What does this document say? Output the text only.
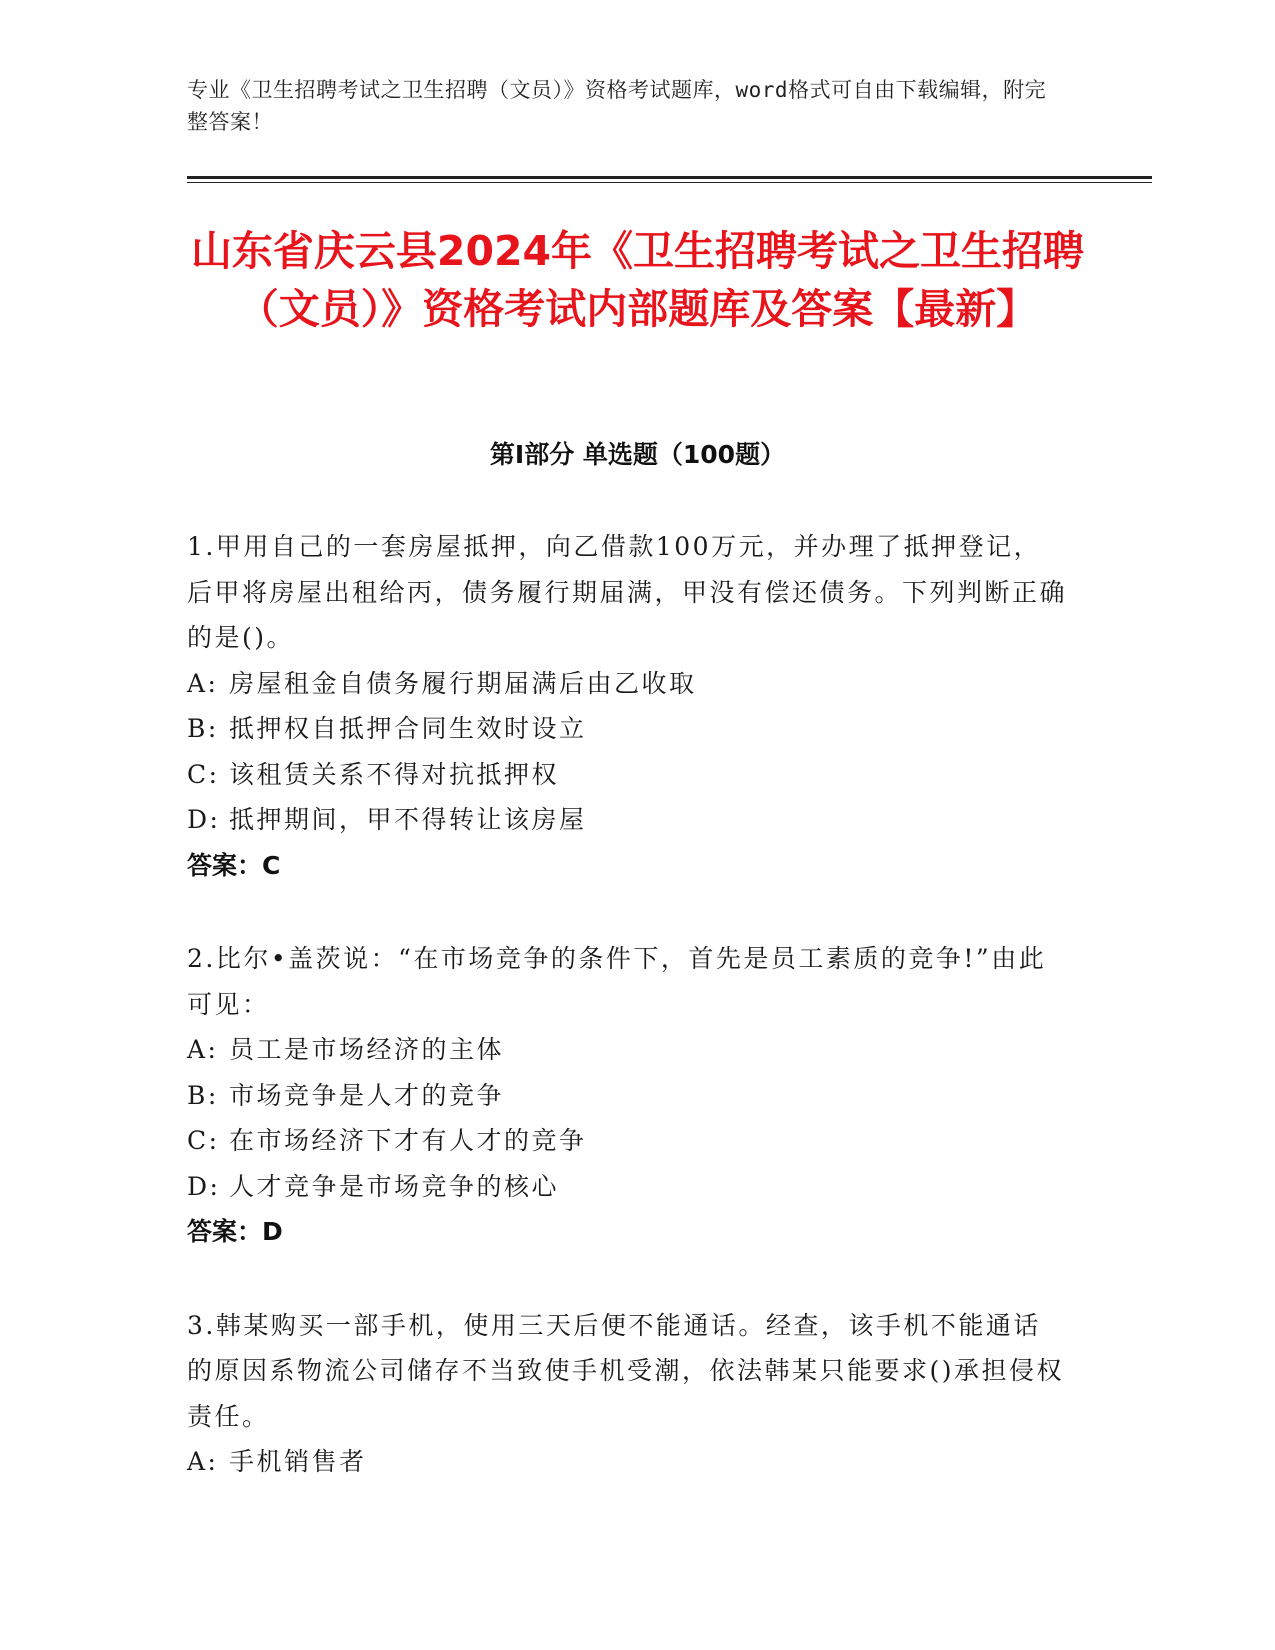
专业《卫生招聘考试之卫生招聘（文员）》资格考试题库，word格式可自由下载编辑，附完整答案！
山东省庆云县2024年《卫生招聘考试之卫生招聘（文员）》资格考试内部题库及答案【最新】
第I部分 单选题（100题）
1.甲用自己的一套房屋抵押，向乙借款100万元，并办理了抵押登记，后甲将房屋出租给丙，债务履行期届满，甲没有偿还债务。下列判断正确的是()。
A: 房屋租金自债务履行期届满后由乙收取
B: 抵押权自抵押合同生效时设立
C: 该租赁关系不得对抗抵押权
D: 抵押期间，甲不得转让该房屋
答案：C
2.比尔•盖茨说：“在市场竞争的条件下，首先是员工素质的竞争!”由此可见：
A: 员工是市场经济的主体
B: 市场竞争是人才的竞争
C: 在市场经济下才有人才的竞争
D: 人才竞争是市场竞争的核心
答案：D
3.韩某购买一部手机，使用三天后便不能通话。经查，该手机不能通话的原因系物流公司储存不当致使手机受潮，依法韩某只能要求()承担侵权责任。
A: 手机销售者
